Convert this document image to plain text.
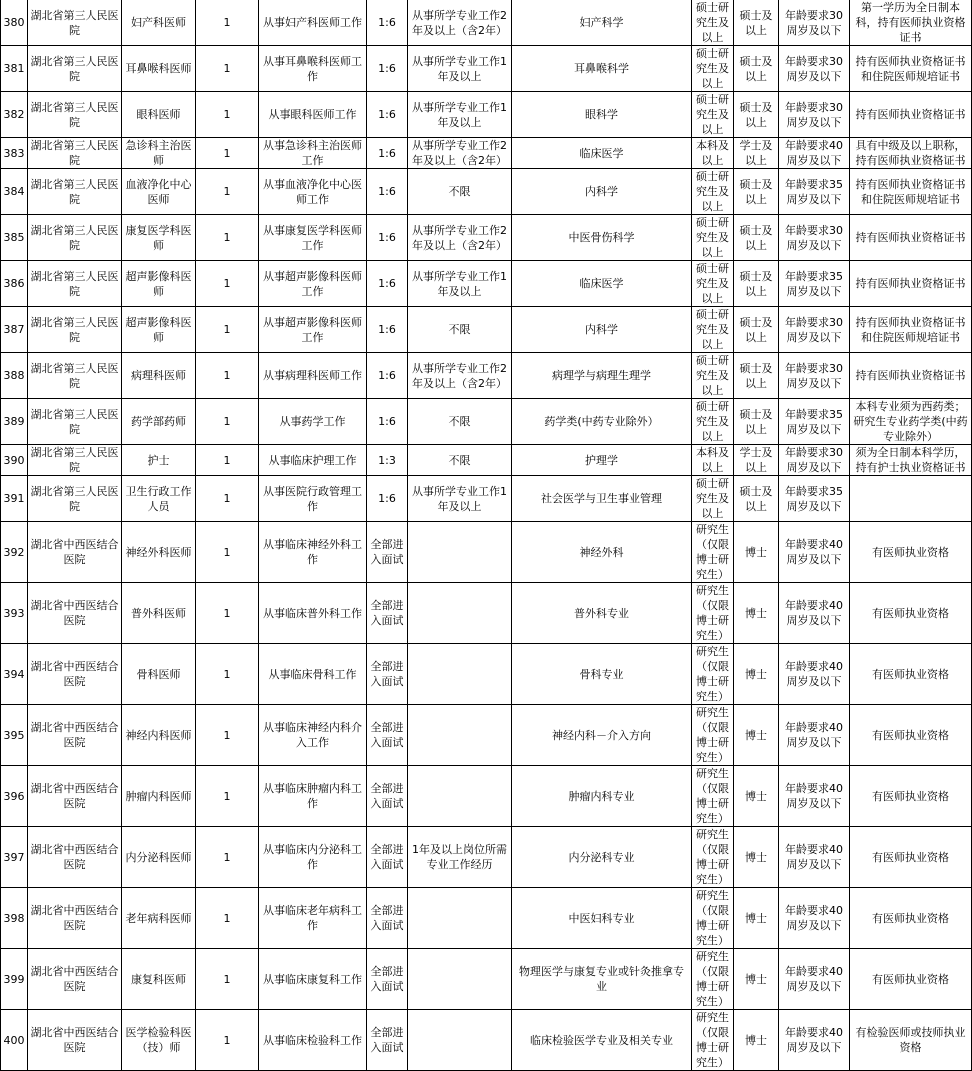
380	湖北省第三人民医院	妇产科医师	1	从事妇产科医师工作	1:6	从事所学专业工作2年及以上（含2年）	妇产科学	硕士研究生及以上	硕士及以上	年龄要求30周岁及以下	第一学历为全日制本科，持有医师执业资格证书
381	湖北省第三人民医院	耳鼻喉科医师	1	从事耳鼻喉科医师工作	1:6	从事所学专业工作1年及以上	耳鼻喉科学	硕士研究生及以上	硕士及以上	年龄要求30周岁及以下	持有医师执业资格证书和住院医师规培证书
382	湖北省第三人民医院	眼科医师	1	从事眼科医师工作	1:6	从事所学专业工作1年及以上	眼科学	硕士研究生及以上	硕士及以上	年龄要求30周岁及以下	持有医师执业资格证书
383	湖北省第三人民医院	急诊科主治医师	1	从事急诊科主治医师工作	1:6	从事所学专业工作2年及以上（含2年）	临床医学	本科及以上	学士及以上	年龄要求40周岁及以下	具有中级及以上职称，持有医师执业资格证书
384	湖北省第三人民医院	血液净化中心医师	1	从事血液净化中心医师工作	1:6	不限	内科学	硕士研究生及以上	硕士及以上	年龄要求35周岁及以下	持有医师执业资格证书和住院医师规培证书
385	湖北省第三人民医院	康复医学科医师	1	从事康复医学科医师工作	1:6	从事所学专业工作2年及以上（含2年）	中医骨伤科学	硕士研究生及以上	硕士及以上	年龄要求30周岁及以下	持有医师执业资格证书
386	湖北省第三人民医院	超声影像科医师	1	从事超声影像科医师工作	1:6	从事所学专业工作1年及以上	临床医学	硕士研究生及以上	硕士及以上	年龄要求35周岁及以下	持有医师执业资格证书
387	湖北省第三人民医院	超声影像科医师	1	从事超声影像科医师工作	1:6	不限	内科学	硕士研究生及以上	硕士及以上	年龄要求30周岁及以下	持有医师执业资格证书和住院医师规培证书
388	湖北省第三人民医院	病理科医师	1	从事病理科医师工作	1:6	从事所学专业工作2年及以上（含2年）	病理学与病理生理学	硕士研究生及以上	硕士及以上	年龄要求30周岁及以下	持有医师执业资格证书
389	湖北省第三人民医院	药学部药师	1	从事药学工作	1:6	不限	药学类(中药专业除外）	硕士研究生及以上	硕士及以上	年龄要求35周岁及以下	本科专业须为西药类；研究生专业药学类(中药专业除外）
390	湖北省第三人民医院	护士	1	从事临床护理工作	1:3	不限	护理学	本科及以上	学士及以上	年龄要求30周岁及以下	须为全日制本科学历，持有护士执业资格证书
391	湖北省第三人民医院	卫生行政工作人员	1	从事医院行政管理工作	1:6	从事所学专业工作1年及以上	社会医学与卫生事业管理	硕士研究生及以上	硕士及以上	年龄要求35周岁及以下	
392	湖北省中西医结合医院	神经外科医师	1	从事临床神经外科工作	全部进入面试		神经外科	研究生（仅限博士研究生）	博士	年龄要求40周岁及以下	有医师执业资格
393	湖北省中西医结合医院	普外科医师	1	从事临床普外科工作	全部进入面试		普外科专业	研究生（仅限博士研究生）	博士	年龄要求40周岁及以下	有医师执业资格
394	湖北省中西医结合医院	骨科医师	1	从事临床骨科工作	全部进入面试		骨科专业	研究生（仅限博士研究生）	博士	年龄要求40周岁及以下	有医师执业资格
395	湖北省中西医结合医院	神经内科医师	1	从事临床神经内科介入工作	全部进入面试		神经内科－介入方向	研究生（仅限博士研究生）	博士	年龄要求40周岁及以下	有医师执业资格
396	湖北省中西医结合医院	肿瘤内科医师	1	从事临床肿瘤内科工作	全部进入面试		肿瘤内科专业	研究生（仅限博士研究生）	博士	年龄要求40周岁及以下	有医师执业资格
397	湖北省中西医结合医院	内分泌科医师	1	从事临床内分泌科工作	全部进入面试	1年及以上岗位所需专业工作经历	内分泌科专业	研究生（仅限博士研究生）	博士	年龄要求40周岁及以下	有医师执业资格
398	湖北省中西医结合医院	老年病科医师	1	从事临床老年病科工作	全部进入面试		中医妇科专业	研究生（仅限博士研究生）	博士	年龄要求40周岁及以下	有医师执业资格
399	湖北省中西医结合医院	康复科医师	1	从事临床康复科工作	全部进入面试		物理医学与康复专业或针灸推拿专业	研究生（仅限博士研究生）	博士	年龄要求40周岁及以下	有医师执业资格
400	湖北省中西医结合医院	医学检验科医（技）师	1	从事临床检验科工作	全部进入面试		临床检验医学专业及相关专业	研究生（仅限博士研究生）	博士	年龄要求40周岁及以下	有检验医师或技师执业资格
